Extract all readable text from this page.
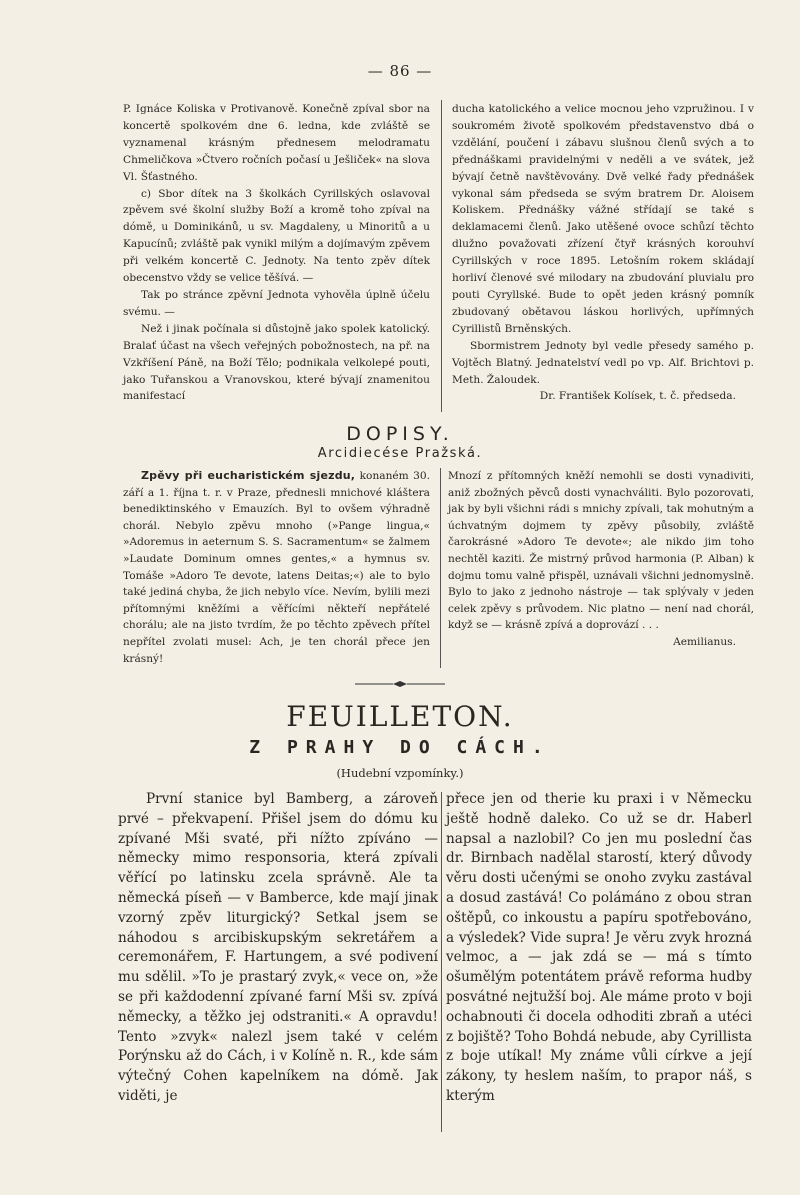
— 86 —

P. Ignáce Koliska v Protivanově. Konečně zpíval sbor na koncertě spolkovém dne 6. ledna, kde zvláště se vyznamenal krásným přednesem melodramatu Chmeličkova »Čtvero ročních počasí u Ješliček« na slova Vl. Šťastného.

c) Sbor dítek na 3 školkách Cyrillských oslavoval zpěvem své školní služby Boží a kromě toho zpíval na dómě, u Dominikánů, u sv. Magdaleny, u Minoritů a u Kapucínů; zvláště pak vynikl milým a dojímavým zpěvem při velkém koncertě C. Jednoty. Na tento zpěv dítek obecenstvo vždy se velice těšívá. —

Tak po stránce zpěvní Jednota vyhověla úplně účelu svému. —

Než i jinak počínala si důstojně jako spolek katolický. Bralať účast na všech veřejných pobožnostech, na př. na Vzkříšení Páně, na Boží Tělo; podnikala velkolepé pouti, jako Tuřanskou a Vranovskou, které bývají znamenitou manifestací

ducha katolického a velice mocnou jeho vzpružinou. I v soukromém životě spolkovém představenstvo dbá o vzdělání, poučení i zábavu slušnou členů svých a to přednáškami pravidelnými v neděli a ve svátek, jež bývají četně navštěvovány. Dvě velké řady přednášek vykonal sám předseda se svým bratrem Dr. Aloisem Koliskem. Přednášky vážné střídají se také s deklamacemi členů. Jako utěšené ovoce schůzí těchto dlužno považovati zřízení čtyř krásných korouhví Cyrillských v roce 1895. Letošním rokem skládají horliví členové své milodary na zbudování pluvialu pro pouti Cyryllské. Bude to opět jeden krásný pomník zbudovaný obětavou láskou horlivých, upřímných Cyrillistů Brněnských.

Sbormistrem Jednoty byl vedle přesedy samého p. Vojtěch Blatný. Jednatelství vedl po vp. Alf. Brichtovi p. Meth. Žaloudek.

Dr. František Kolísek, t. č. předseda.

DOPISY.
Arcidiecése Pražská.

Zpěvy při eucharistickém sjezdu, konaném 30. září a 1. října t. r. v Praze, přednesli mnichové kláštera benediktinského v Emauzích. Byl to ovšem výhradně chorál. Nebylo zpěvu mnoho (»Pange lingua,« »Adoremus in aeternum S. S. Sacramentum« se žalmem »Laudate Dominum omnes gentes,« a hymnus sv. Tomáše »Adoro Te devote, latens Deitas;«) ale to bylo také jediná chyba, že jich nebylo více. Nevím, bylili mezi přítomnými kněžími a věřícími někteří nepřátelé chorálu; ale na jisto tvrdím, že po těchto zpěvech přítel nepřítel zvolati musel: Ach, je ten chorál přece jen krásný!

Mnozí z přítomných kněží nemohli se dosti vynadiviti, aniž zbožných pěvců dosti vynachváliti. Bylo pozorovati, jak by byli všichni rádi s mnichy zpívali, tak mohutným a úchvatným dojmem ty zpěvy působily, zvláště čarokrásné »Adoro Te devote«; ale nikdo jim toho nechtěl kaziti. Že mistrný průvod harmonia (P. Alban) k dojmu tomu valně přispěl, uznávali všichni jednomyslně. Bylo to jako z jednoho nástroje — tak splývaly v jeden celek zpěvy s průvodem. Nic platno — není nad chorál, když se — krásně zpívá a doprovází . . .

Aemilianus.

FEUILLETON.
Z PRAHY DO CÁCH.
(Hudební vzpomínky.)

První stanice byl Bamberg, a zároveň prvé – překvapení. Přišel jsem do dómu ku zpívané Mši svaté, při nížto zpíváno — německy mimo responsoria, která zpívali věřící po latinsku zcela správně. Ale ta německá píseň — v Bamberce, kde mají jinak vzorný zpěv liturgický? Setkal jsem se náhodou s arcibiskupským sekretářem a ceremonářem, F. Hartungem, a své podivení mu sdělil. »To je prastarý zvyk,« vece on, »že se při každodenní zpívané farní Mši sv. zpívá německy, a těžko jej odstraniti.« A opravdu! Tento »zvyk« nalezl jsem také v celém Porýnsku až do Cách, i v Kolíně n. R., kde sám výtečný Cohen kapelníkem na dómě. Jak viděti, je

přece jen od therie ku praxi i v Německu ještě hodně daleko. Co už se dr. Haberl napsal a nazlobil? Co jen mu poslední čas dr. Birnbach nadělal starostí, který důvody věru dosti učenými se onoho zvyku zastával a dosud zastává! Co polámáno z obou stran oštěpů, co inkoustu a papíru spotřebováno, a výsledek? Vide supra! Je věru zvyk hrozná velmoc, a — jak zdá se — má s tímto ošumělým potentátem právě reforma hudby posvátné nejtužší boj. Ale máme proto v boji ochabnouti či docela odhoditi zbraň a utéci z bojiště? Toho Bohdá nebude, aby Cyrillista z boje utíkal! My známe vůli církve a její zákony, ty heslem naším, to prapor náš, s kterým
